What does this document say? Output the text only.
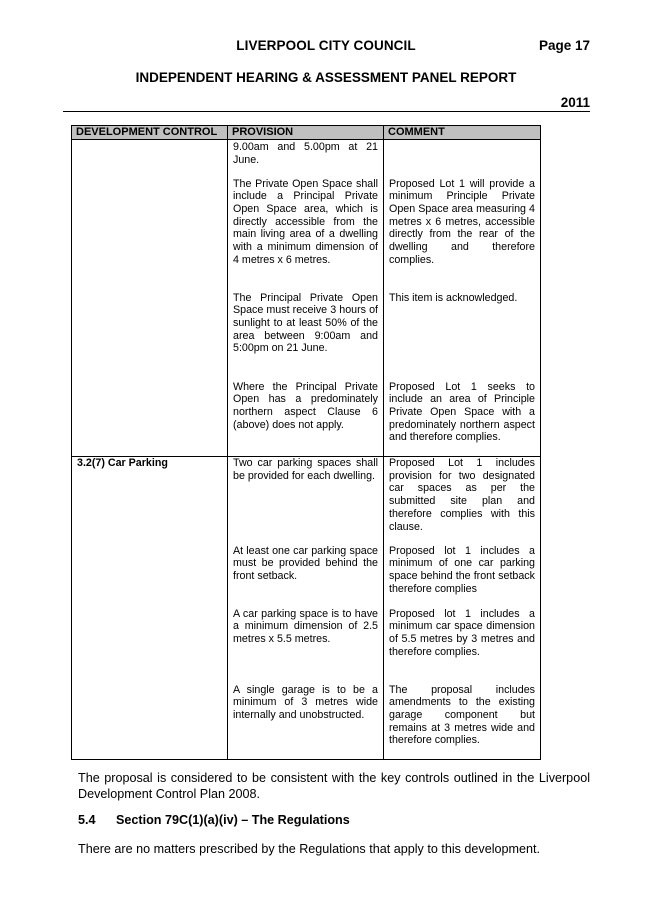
LIVERPOOL CITY COUNCIL	Page 17
INDEPENDENT HEARING & ASSESSMENT PANEL REPORT
2011
DEVELOPMENT CONTROL	PROVISION	COMMENT

	9.00am and 5.00pm at 21 June.	

	The Private Open Space shall include a Principal Private Open Space area, which is directly accessible from the main living area of a dwelling with a minimum dimension of 4 metres x 6 metres.	Proposed Lot 1 will provide a minimum Principle Private Open Space area measuring 4 metres x 6 metres, accessible directly from the rear of the dwelling and therefore complies.

	The Principal Private Open Space must receive 3 hours of sunlight to at least 50% of the area between 9:00am and 5:00pm on 21 June.	This item is acknowledged.

	Where the Principal Private Open has a predominately northern aspect Clause 6 (above) does not apply.	Proposed Lot 1 seeks to include an area of Principle Private Open Space with a predominately northern aspect and therefore complies.

3.2(7) Car Parking	Two car parking spaces shall be provided for each dwelling.	Proposed Lot 1 includes provision for two designated car spaces as per the submitted site plan and therefore complies with this clause.

	At least one car parking space must be provided behind the front setback.	Proposed lot 1 includes a minimum of one car parking space behind the front setback therefore complies

	A car parking space is to have a minimum dimension of 2.5 metres x 5.5 metres.	Proposed lot 1 includes a minimum car space dimension of 5.5 metres by 3 metres and therefore complies.

	A single garage is to be a minimum of 3 metres wide internally and unobstructed.	The proposal includes amendments to the existing garage component but remains at 3 metres wide and therefore complies.

The proposal is considered to be consistent with the key controls outlined in the Liverpool Development Control Plan 2008.
5.4 Section 79C(1)(a)(iv) – The Regulations
There are no matters prescribed by the Regulations that apply to this development.
